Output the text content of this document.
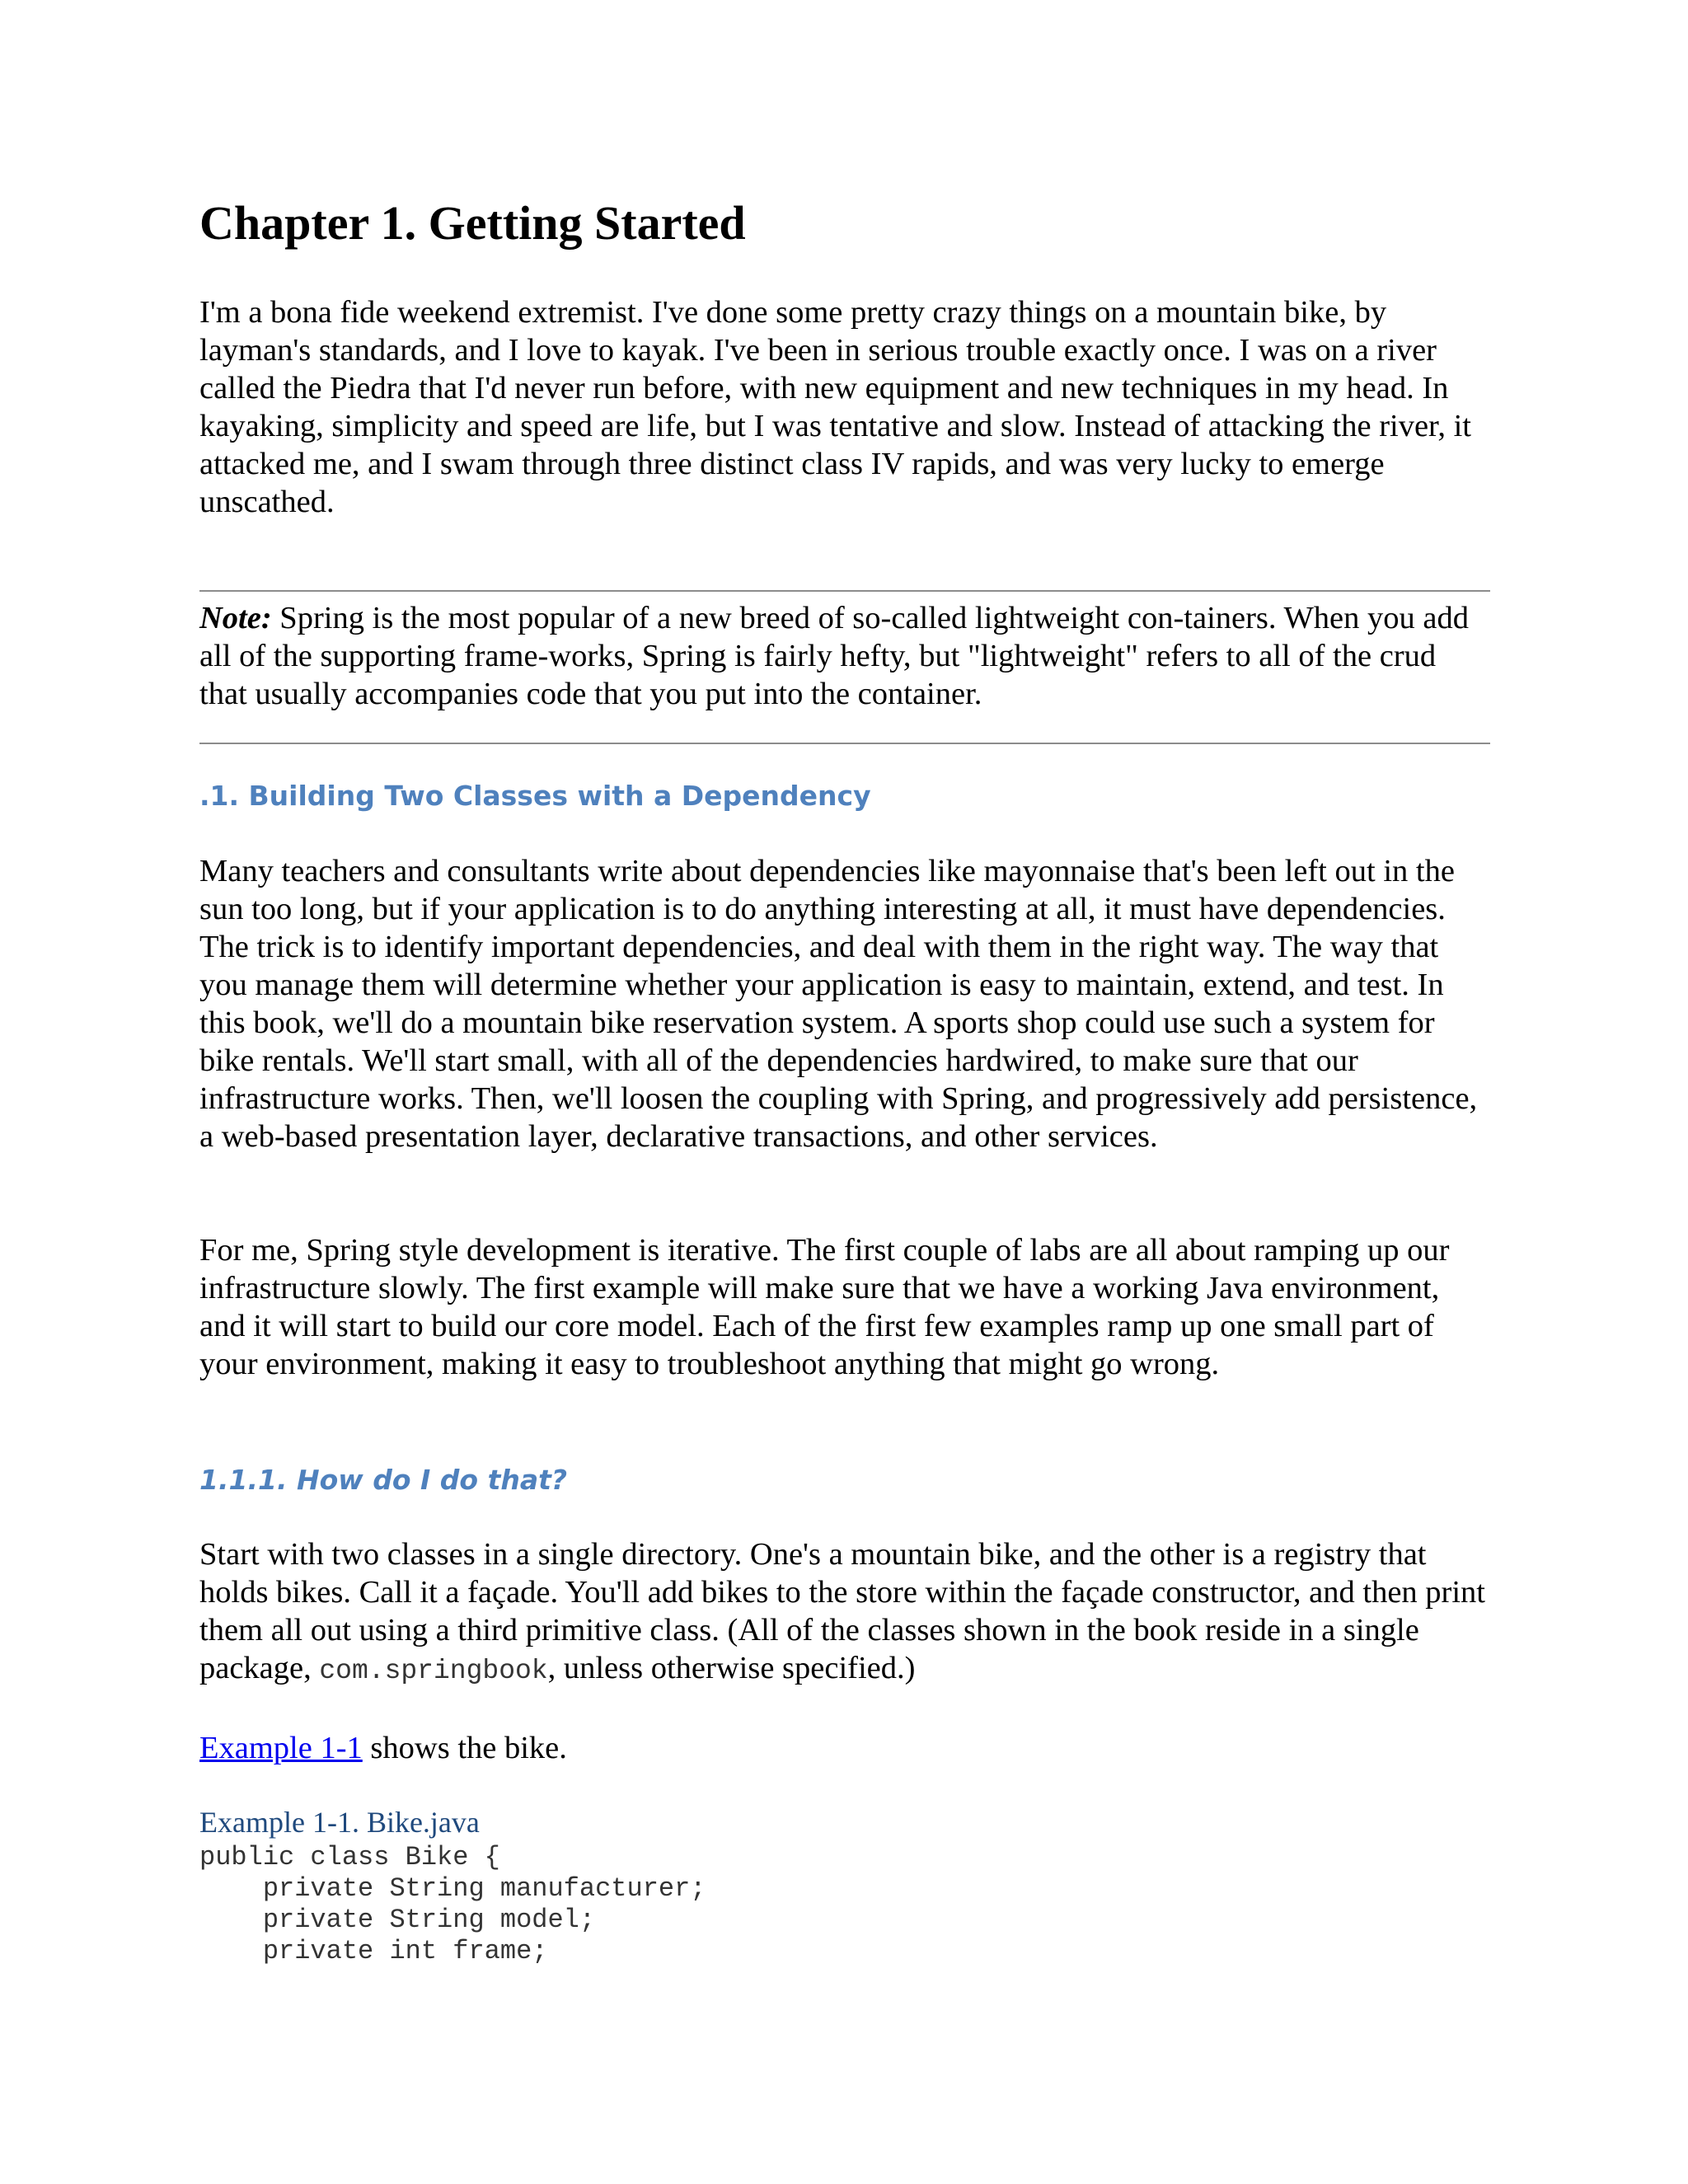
Chapter 1. Getting Started

I'm a bona fide weekend extremist. I've done some pretty crazy things on a mountain bike, by layman's standards, and I love to kayak. I've been in serious trouble exactly once. I was on a river called the Piedra that I'd never run before, with new equipment and new techniques in my head. In kayaking, simplicity and speed are life, but I was tentative and slow. Instead of attacking the river, it attacked me, and I swam through three distinct class IV rapids, and was very lucky to emerge unscathed.

Note: Spring is the most popular of a new breed of so-called lightweight con-tainers. When you add all of the supporting frame-works, Spring is fairly hefty, but "lightweight" refers to all of the crud that usually accompanies code that you put into the container.

.1. Building Two Classes with a Dependency

Many teachers and consultants write about dependencies like mayonnaise that's been left out in the sun too long, but if your application is to do anything interesting at all, it must have dependencies. The trick is to identify important dependencies, and deal with them in the right way. The way that you manage them will determine whether your application is easy to maintain, extend, and test. In this book, we'll do a mountain bike reservation system. A sports shop could use such a system for bike rentals. We'll start small, with all of the dependencies hardwired, to make sure that our infrastructure works. Then, we'll loosen the coupling with Spring, and progressively add persistence, a web-based presentation layer, declarative transactions, and other services.

For me, Spring style development is iterative. The first couple of labs are all about ramping up our infrastructure slowly. The first example will make sure that we have a working Java environment, and it will start to build our core model. Each of the first few examples ramp up one small part of your environment, making it easy to troubleshoot anything that might go wrong.

1.1.1. How do I do that?

Start with two classes in a single directory. One's a mountain bike, and the other is a registry that holds bikes. Call it a façade. You'll add bikes to the store within the façade constructor, and then print them all out using a third primitive class. (All of the classes shown in the book reside in a single package, com.springbook, unless otherwise specified.)

Example 1-1 shows the bike.

Example 1-1. Bike.java
public class Bike {
private String manufacturer;
private String model;
private int frame;
